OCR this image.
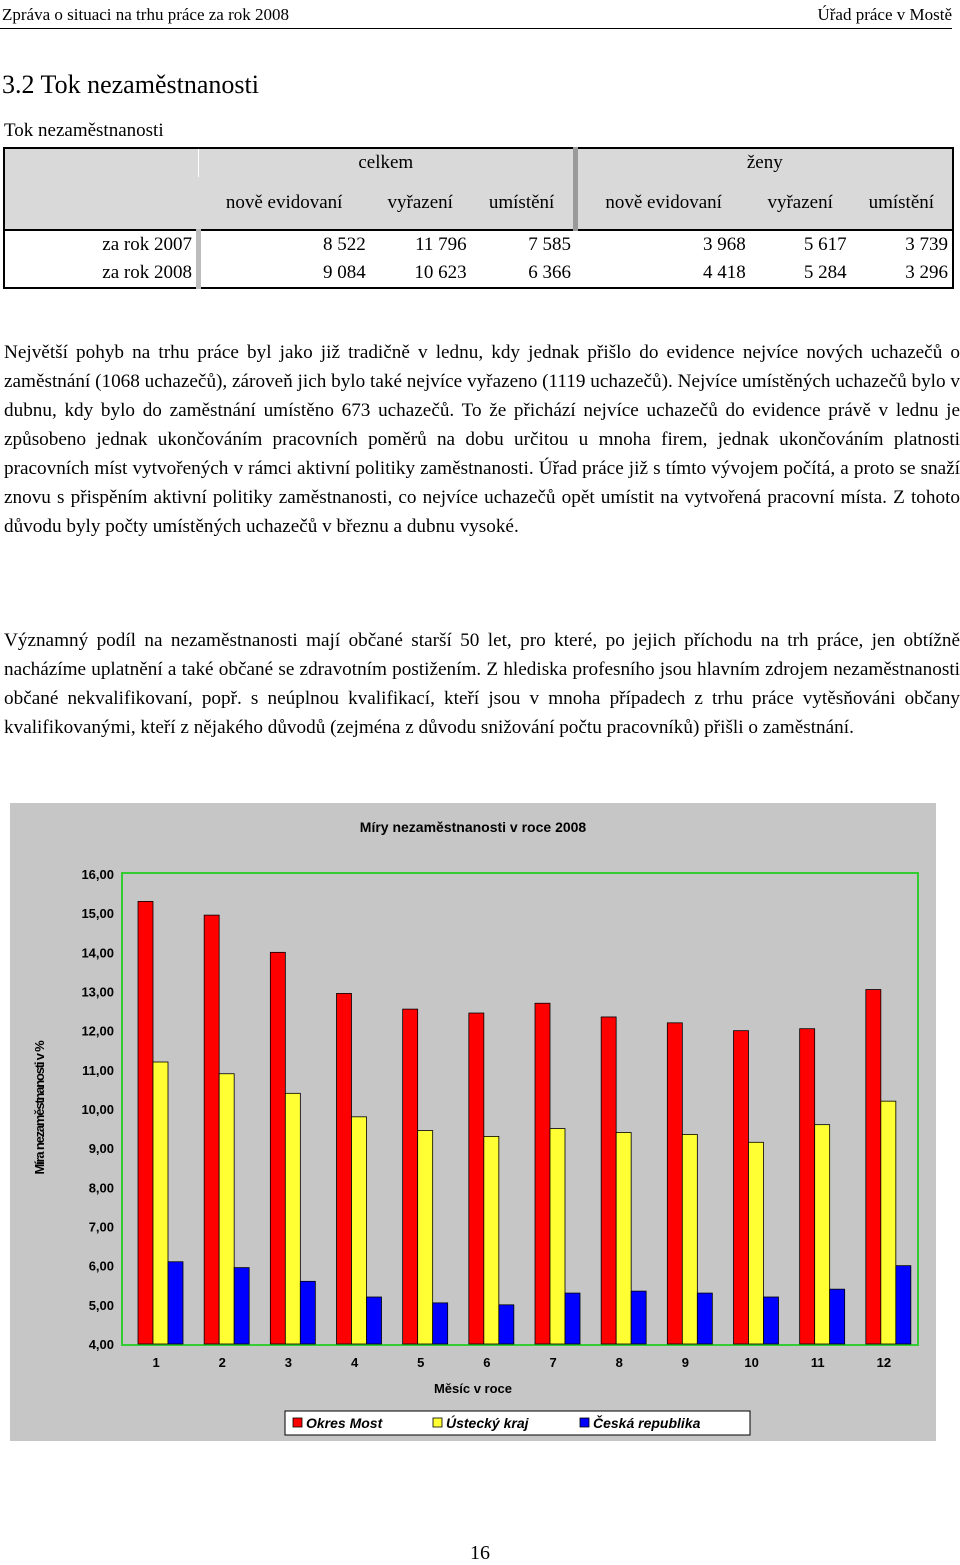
Zpráva o situaci na trhu práce za rok 2008	Úřad práce v Mostě
3.2 Tok nezaměstnanosti
Tok nezaměstnanosti
	celkem			ženy		
	nově evidovaní	vyřazení	umístění	nově evidovaní	vyřazení	umístění
za rok 2007	8 522	11 796	7 585	3 968	5 617	3 739
za rok 2008	9 084	10 623	6 366	4 418	5 284	3 296

Největší pohyb na trhu práce byl jako již tradičně v lednu, kdy jednak přišlo do evidence nejvíce nových uchazečů o zaměstnání (1068 uchazečů), zároveň jich bylo také nejvíce vyřazeno (1119 uchazečů). Nejvíce umístěných uchazečů bylo v dubnu, kdy bylo do zaměstnání umístěno 673 uchazečů. To že přichází nejvíce uchazečů do evidence právě v lednu je způsobeno jednak ukončováním pracovních poměrů na dobu určitou u mnoha firem, jednak ukončováním platnosti pracovních míst vytvořených v rámci aktivní politiky zaměstnanosti. Úřad práce již s tímto vývojem počítá, a proto se snaží znovu s přispěním aktivní politiky zaměstnanosti, co nejvíce uchazečů opět umístit na vytvořená pracovní místa. Z tohoto důvodu byly počty umístěných uchazečů v březnu a dubnu vysoké.

Významný podíl na nezaměstnanosti mají občané starší 50 let, pro které, po jejich příchodu na trh práce, jen obtížně nacházíme uplatnění a také občané se zdravotním postižením. Z hlediska profesního jsou hlavním zdrojem nezaměstnanosti občané nekvalifikovaní, popř. s neúplnou kvalifikací, kteří jsou v mnoha případech z trhu práce vytěsňováni občany kvalifikovanými, kteří z nějakého důvodů (zejména z důvodu snižování počtu pracovníků) přišli o zaměstnání.

Míry nezaměstnanosti v roce 2008
16,00
15,00
14,00
13,00
12,00
11,00
10,00
9,00
8,00
7,00
6,00
5,00
4,00
1	2	3	4	5	6	7	8	9	10	11	12
Měsíc v roce
Míra nezaměstnanosti v %
Okres Most	Ústecký kraj	Česká republika
16
